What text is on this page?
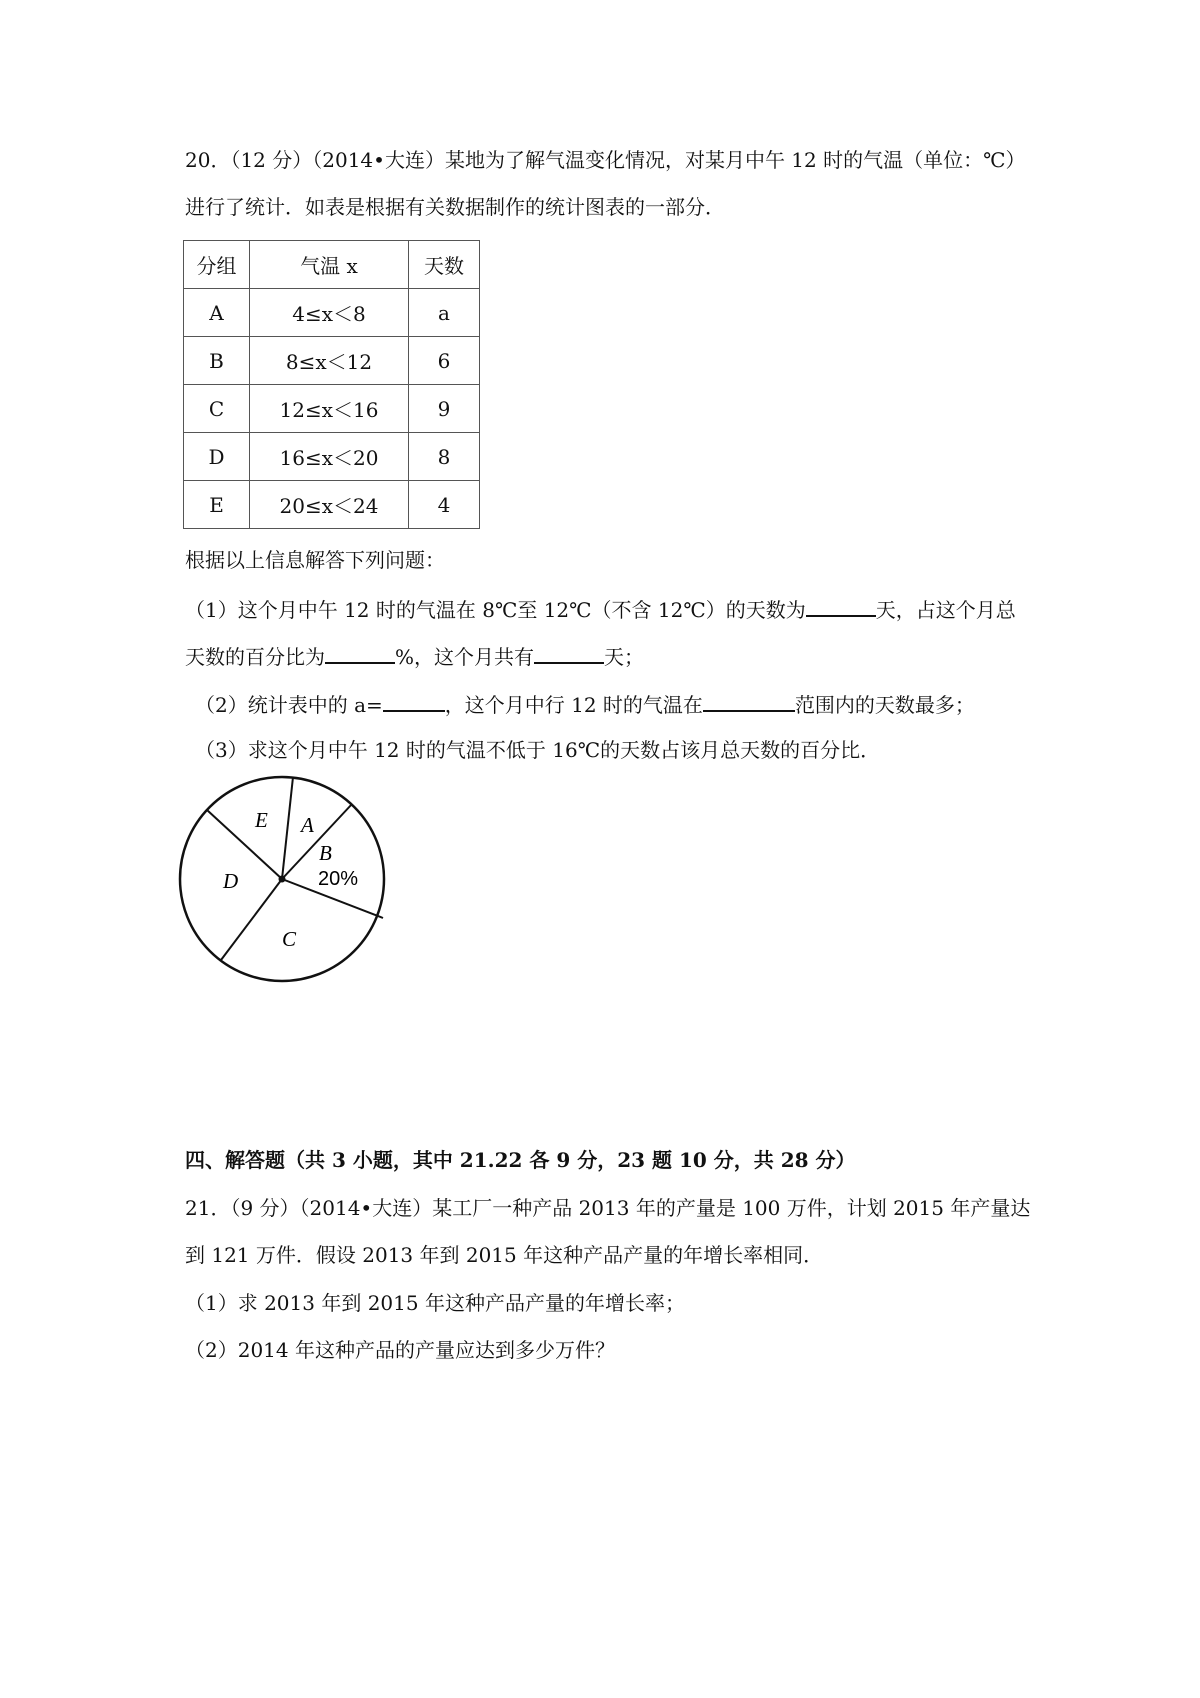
20．（12 分）（2014•大连）某地为了解气温变化情况，对某月中午 12 时的气温（单位：℃）
进行了统计．如表是根据有关数据制作的统计图表的一部分．
分组	气温 x	天数
A	4≤x＜8	a
B	8≤x＜12	6
C	12≤x＜16	9
D	16≤x＜20	8
E	20≤x＜24	4
根据以上信息解答下列问题：
（1）这个月中午 12 时的气温在 8℃至 12℃（不含 12℃）的天数为	天，占这个月总
天数的百分比为	%，这个月共有	天；
（2）统计表中的 a=	，这个月中行 12 时的气温在	范围内的天数最多；
（3）求这个月中午 12 时的气温不低于 16℃的天数占该月总天数的百分比．
E A
B
20%
D
C
四、解答题（共 3 小题，其中 21.22 各 9 分，23 题 10 分，共 28 分）
21．（9 分）（2014•大连）某工厂一种产品 2013 年的产量是 100 万件，计划 2015 年产量达
到 121 万件．假设 2013 年到 2015 年这种产品产量的年增长率相同．
（1）求 2013 年到 2015 年这种产品产量的年增长率；
（2）2014 年这种产品的产量应达到多少万件？
